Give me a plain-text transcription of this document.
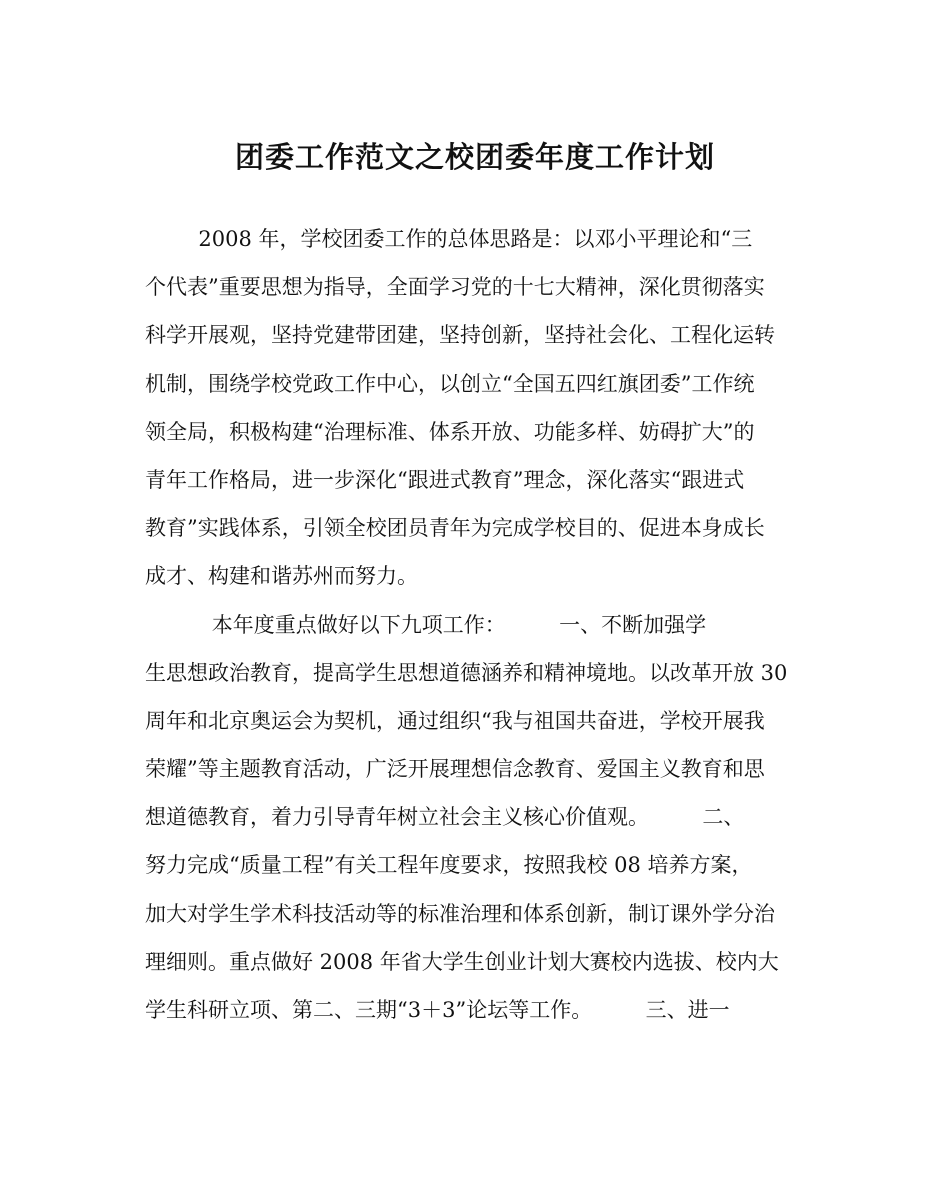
团委工作范文之校团委年度工作计划
2008 年，学校团委工作的总体思路是：以邓小平理论和“三
个代表”重要思想为指导，全面学习党的十七大精神，深化贯彻落实
科学开展观，坚持党建带团建，坚持创新，坚持社会化、工程化运转
机制，围绕学校党政工作中心，以创立“全国五四红旗团委”工作统
领全局，积极构建“治理标准、体系开放、功能多样、妨碍扩大”的
青年工作格局，进一步深化“跟进式教育”理念，深化落实“跟进式
教育”实践体系，引领全校团员青年为完成学校目的、促进本身成长
成才、构建和谐苏州而努力。
本年度重点做好以下九项工作：        一、不断加强学
生思想政治教育，提高学生思想道德涵养和精神境地。以改革开放 30
周年和北京奥运会为契机，通过组织“我与祖国共奋进，学校开展我
荣耀”等主题教育活动，广泛开展理想信念教育、爱国主义教育和思
想道德教育，着力引导青年树立社会主义核心价值观。        二、
努力完成“质量工程”有关工程年度要求，按照我校 08 培养方案，
加大对学生学术科技活动等的标准治理和体系创新，制订课外学分治
理细则。重点做好 2008 年省大学生创业计划大赛校内选拔、校内大
学生科研立项、第二、三期“3＋3”论坛等工作。        三、进一
